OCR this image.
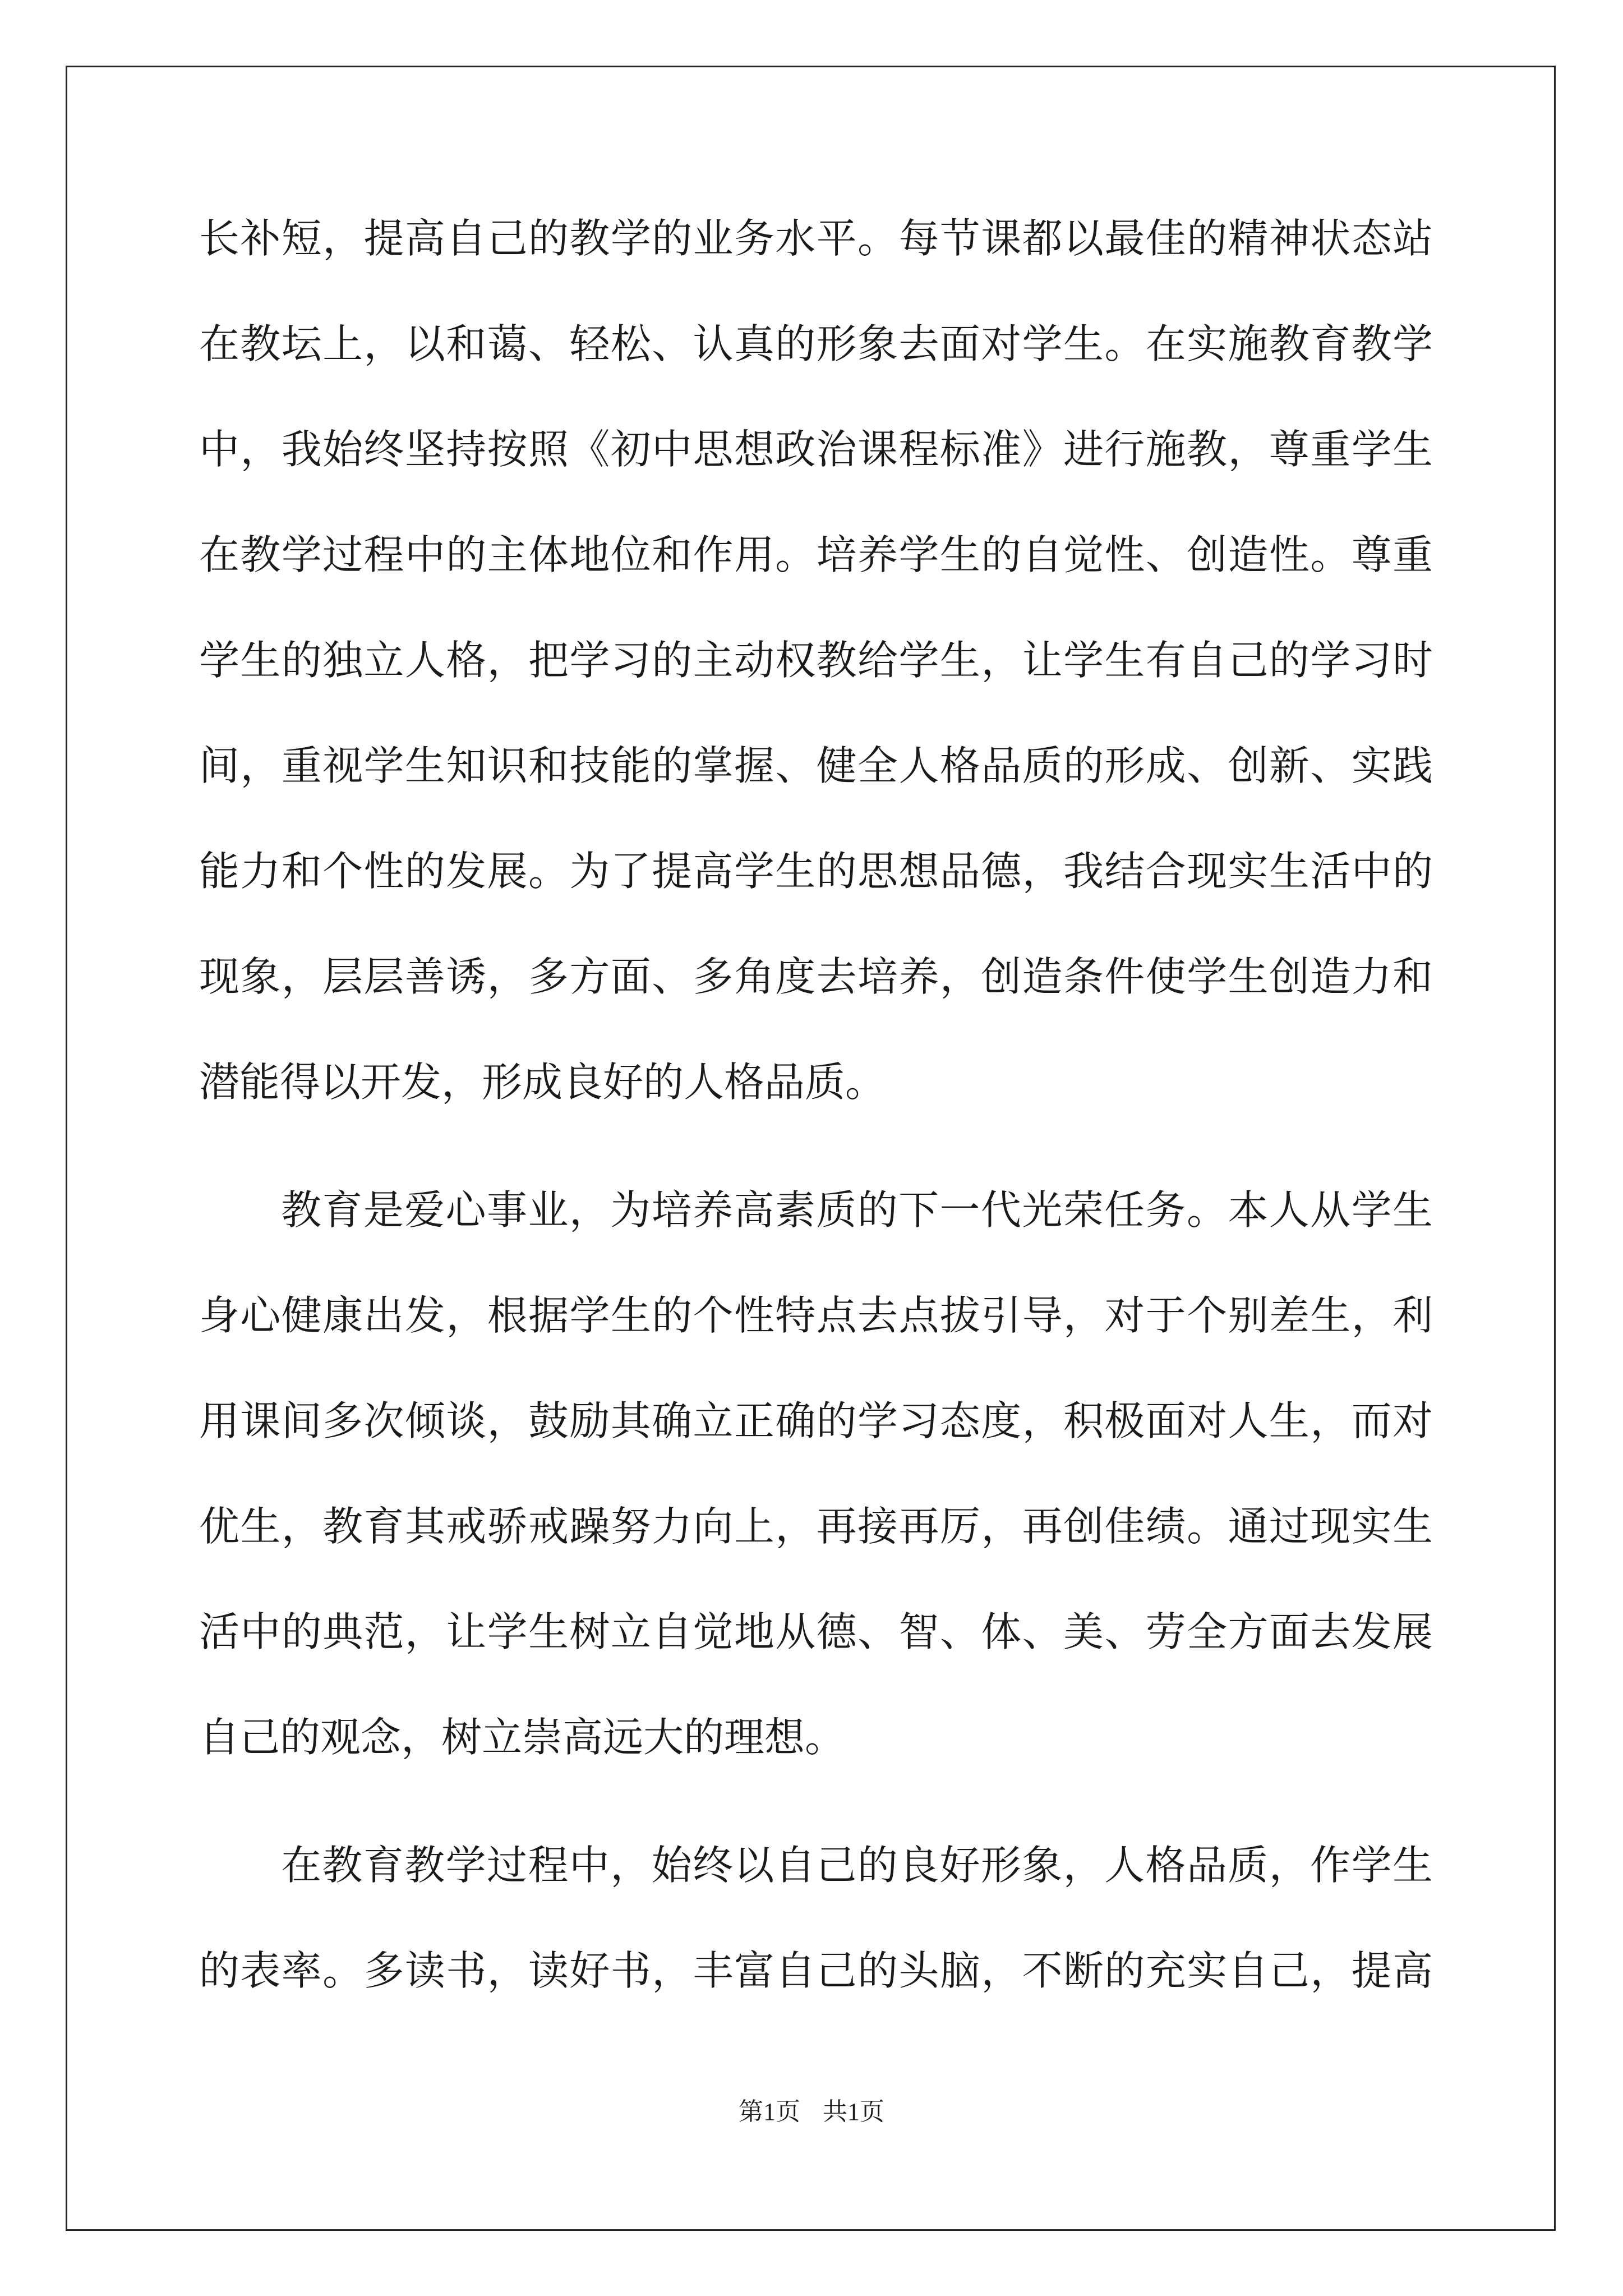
长补短，提高自己的教学的业务水平。每节课都以最佳的精神状态站
在教坛上，以和蔼、轻松、认真的形象去面对学生。在实施教育教学
中，我始终坚持按照《初中思想政治课程标准》进行施教，尊重学生
在教学过程中的主体地位和作用。培养学生的自觉性、创造性。尊重
学生的独立人格，把学习的主动权教给学生，让学生有自己的学习时
间，重视学生知识和技能的掌握、健全人格品质的形成、创新、实践
能力和个性的发展。为了提高学生的思想品德，我结合现实生活中的
现象，层层善诱，多方面、多角度去培养，创造条件使学生创造力和
潜能得以开发，形成良好的人格品质。
教育是爱心事业，为培养高素质的下一代光荣任务。本人从学生
身心健康出发，根据学生的个性特点去点拔引导，对于个别差生，利
用课间多次倾谈，鼓励其确立正确的学习态度，积极面对人生，而对
优生，教育其戒骄戒躁努力向上，再接再厉，再创佳绩。通过现实生
活中的典范，让学生树立自觉地从德、智、体、美、劳全方面去发展
自己的观念，树立崇高远大的理想。
在教育教学过程中，始终以自己的良好形象，人格品质，作学生
的表率。多读书，读好书，丰富自己的头脑，不断的充实自己，提高
第1页 共1页
